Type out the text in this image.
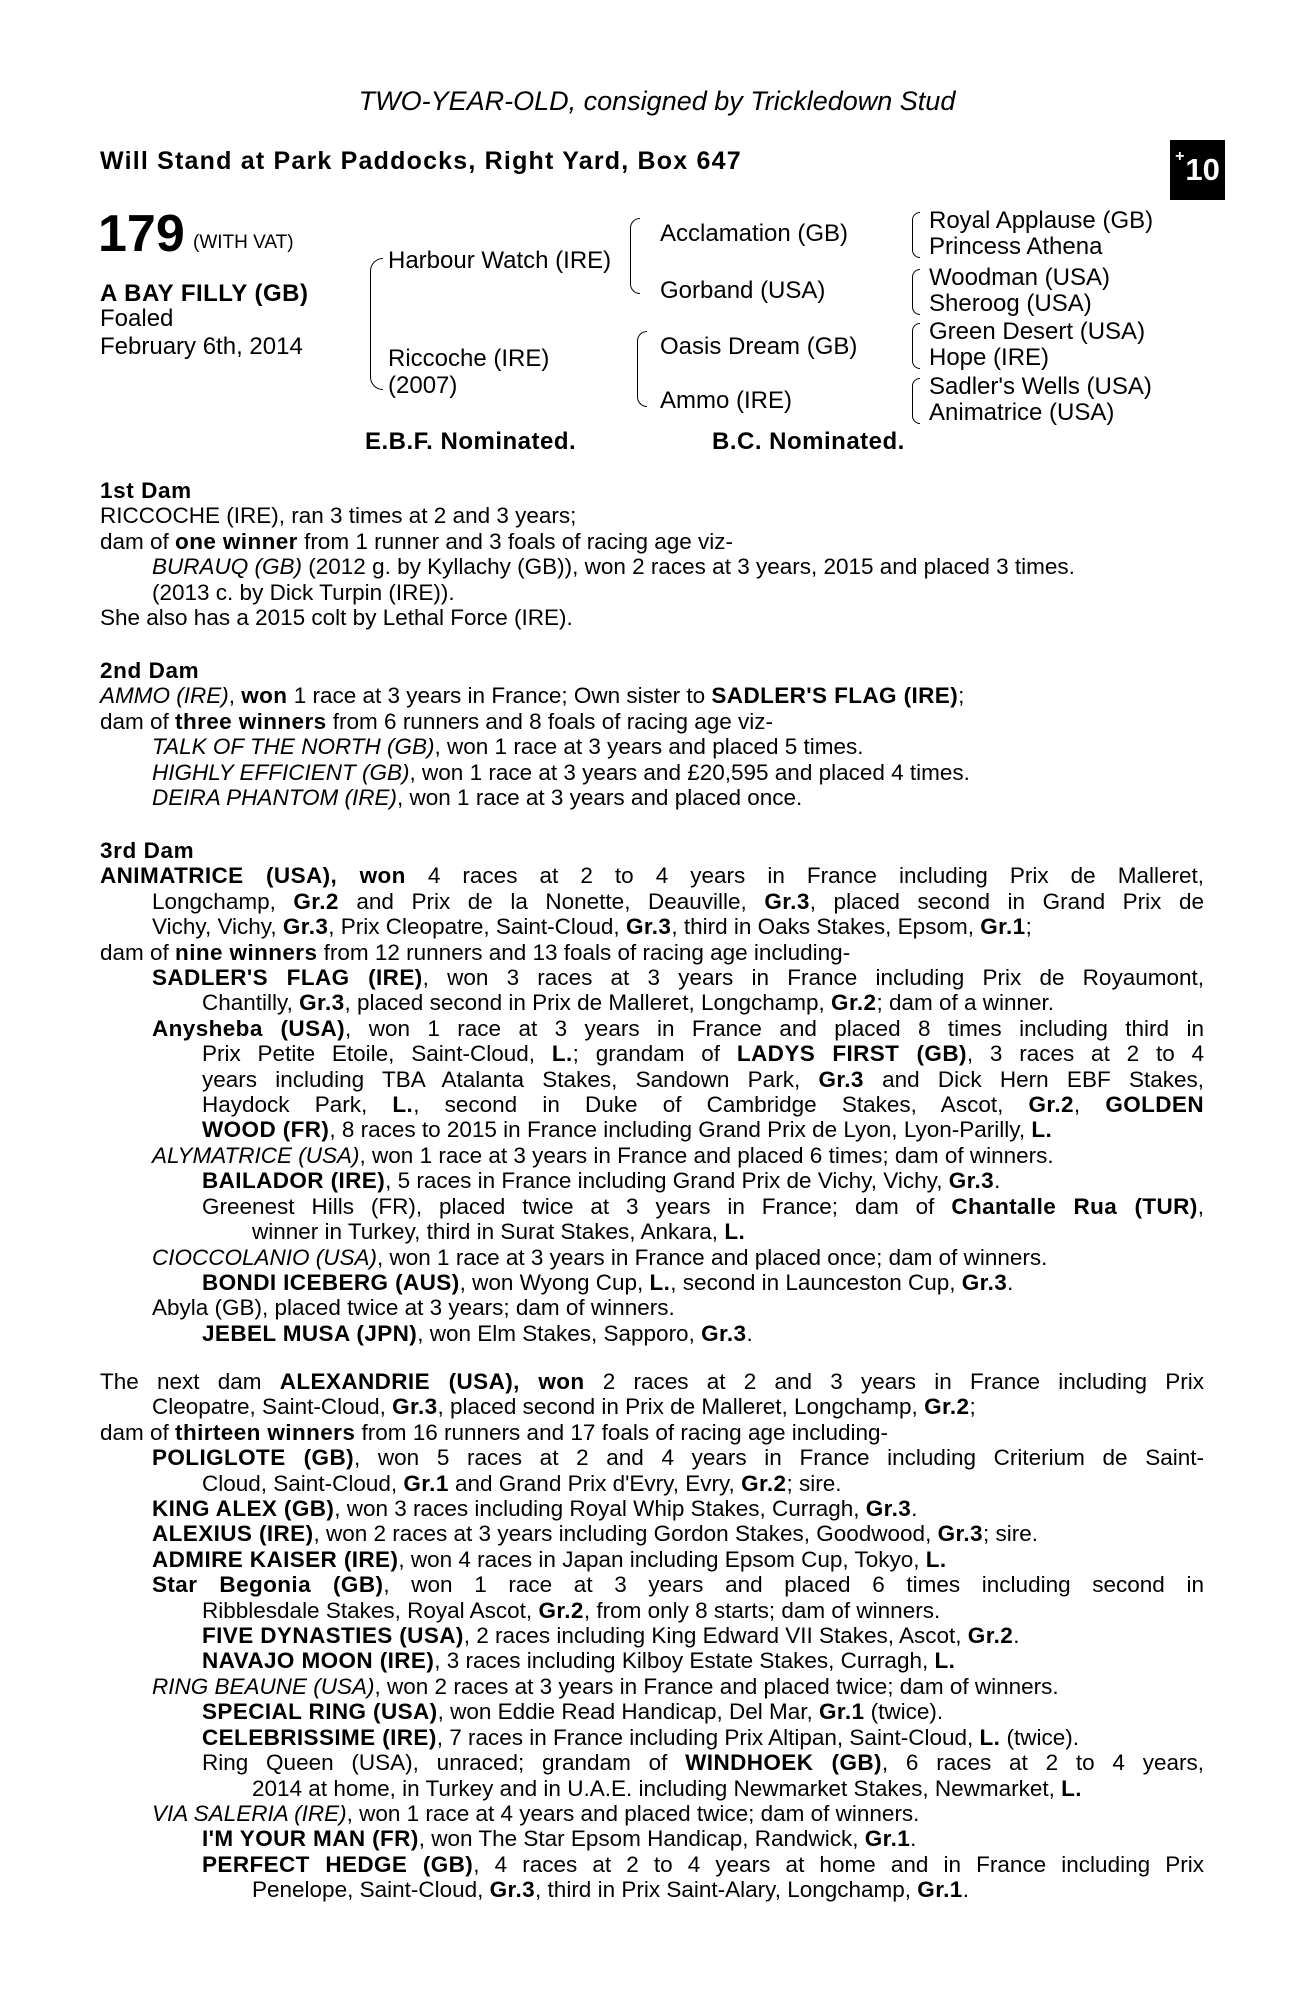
TWO-YEAR-OLD, consigned by Trickledown Stud
Will Stand at Park Paddocks, Right Yard, Box 647	+ 10
179 (WITH VAT)
A BAY FILLY (GB)
Foaled
February 6th, 2014
Harbour Watch (IRE)
Riccoche (IRE)
(2007)
Acclamation (GB)
Gorband (USA)
Oasis Dream (GB)
Ammo (IRE)
Royal Applause (GB)
Princess Athena
Woodman (USA)
Sheroog (USA)
Green Desert (USA)
Hope (IRE)
Sadler's Wells (USA)
Animatrice (USA)
E.B.F. Nominated.	B.C. Nominated.
1st Dam
RICCOCHE (IRE), ran 3 times at 2 and 3 years;
dam of one winner from 1 runner and 3 foals of racing age viz-
BURAUQ (GB) (2012 g. by Kyllachy (GB)), won 2 races at 3 years, 2015 and placed 3 times.
(2013 c. by Dick Turpin (IRE)).
She also has a 2015 colt by Lethal Force (IRE).
2nd Dam
AMMO (IRE), won 1 race at 3 years in France; Own sister to SADLER'S FLAG (IRE);
dam of three winners from 6 runners and 8 foals of racing age viz-
TALK OF THE NORTH (GB), won 1 race at 3 years and placed 5 times.
HIGHLY EFFICIENT (GB), won 1 race at 3 years and £20,595 and placed 4 times.
DEIRA PHANTOM (IRE), won 1 race at 3 years and placed once.
3rd Dam
ANIMATRICE (USA), won 4 races at 2 to 4 years in France including Prix de Malleret,
Longchamp, Gr.2 and Prix de la Nonette, Deauville, Gr.3, placed second in Grand Prix de
Vichy, Vichy, Gr.3, Prix Cleopatre, Saint-Cloud, Gr.3, third in Oaks Stakes, Epsom, Gr.1;
dam of nine winners from 12 runners and 13 foals of racing age including-
SADLER'S FLAG (IRE), won 3 races at 3 years in France including Prix de Royaumont,
Chantilly, Gr.3, placed second in Prix de Malleret, Longchamp, Gr.2; dam of a winner.
Anysheba (USA), won 1 race at 3 years in France and placed 8 times including third in
Prix Petite Etoile, Saint-Cloud, L.; grandam of LADYS FIRST (GB), 3 races at 2 to 4
years including TBA Atalanta Stakes, Sandown Park, Gr.3 and Dick Hern EBF Stakes,
Haydock Park, L., second in Duke of Cambridge Stakes, Ascot, Gr.2, GOLDEN
WOOD (FR), 8 races to 2015 in France including Grand Prix de Lyon, Lyon-Parilly, L.
ALYMATRICE (USA), won 1 race at 3 years in France and placed 6 times; dam of winners.
BAILADOR (IRE), 5 races in France including Grand Prix de Vichy, Vichy, Gr.3.
Greenest Hills (FR), placed twice at 3 years in France; dam of Chantalle Rua (TUR),
winner in Turkey, third in Surat Stakes, Ankara, L.
CIOCCOLANIO (USA), won 1 race at 3 years in France and placed once; dam of winners.
BONDI ICEBERG (AUS), won Wyong Cup, L., second in Launceston Cup, Gr.3.
Abyla (GB), placed twice at 3 years; dam of winners.
JEBEL MUSA (JPN), won Elm Stakes, Sapporo, Gr.3.
The next dam ALEXANDRIE (USA), won 2 races at 2 and 3 years in France including Prix
Cleopatre, Saint-Cloud, Gr.3, placed second in Prix de Malleret, Longchamp, Gr.2;
dam of thirteen winners from 16 runners and 17 foals of racing age including-
POLIGLOTE (GB), won 5 races at 2 and 4 years in France including Criterium de Saint-
Cloud, Saint-Cloud, Gr.1 and Grand Prix d'Evry, Evry, Gr.2; sire.
KING ALEX (GB), won 3 races including Royal Whip Stakes, Curragh, Gr.3.
ALEXIUS (IRE), won 2 races at 3 years including Gordon Stakes, Goodwood, Gr.3; sire.
ADMIRE KAISER (IRE), won 4 races in Japan including Epsom Cup, Tokyo, L.
Star Begonia (GB), won 1 race at 3 years and placed 6 times including second in
Ribblesdale Stakes, Royal Ascot, Gr.2, from only 8 starts; dam of winners.
FIVE DYNASTIES (USA), 2 races including King Edward VII Stakes, Ascot, Gr.2.
NAVAJO MOON (IRE), 3 races including Kilboy Estate Stakes, Curragh, L.
RING BEAUNE (USA), won 2 races at 3 years in France and placed twice; dam of winners.
SPECIAL RING (USA), won Eddie Read Handicap, Del Mar, Gr.1 (twice).
CELEBRISSIME (IRE), 7 races in France including Prix Altipan, Saint-Cloud, L. (twice).
Ring Queen (USA), unraced; grandam of WINDHOEK (GB), 6 races at 2 to 4 years,
2014 at home, in Turkey and in U.A.E. including Newmarket Stakes, Newmarket, L.
VIA SALERIA (IRE), won 1 race at 4 years and placed twice; dam of winners.
I'M YOUR MAN (FR), won The Star Epsom Handicap, Randwick, Gr.1.
PERFECT HEDGE (GB), 4 races at 2 to 4 years at home and in France including Prix
Penelope, Saint-Cloud, Gr.3, third in Prix Saint-Alary, Longchamp, Gr.1.
